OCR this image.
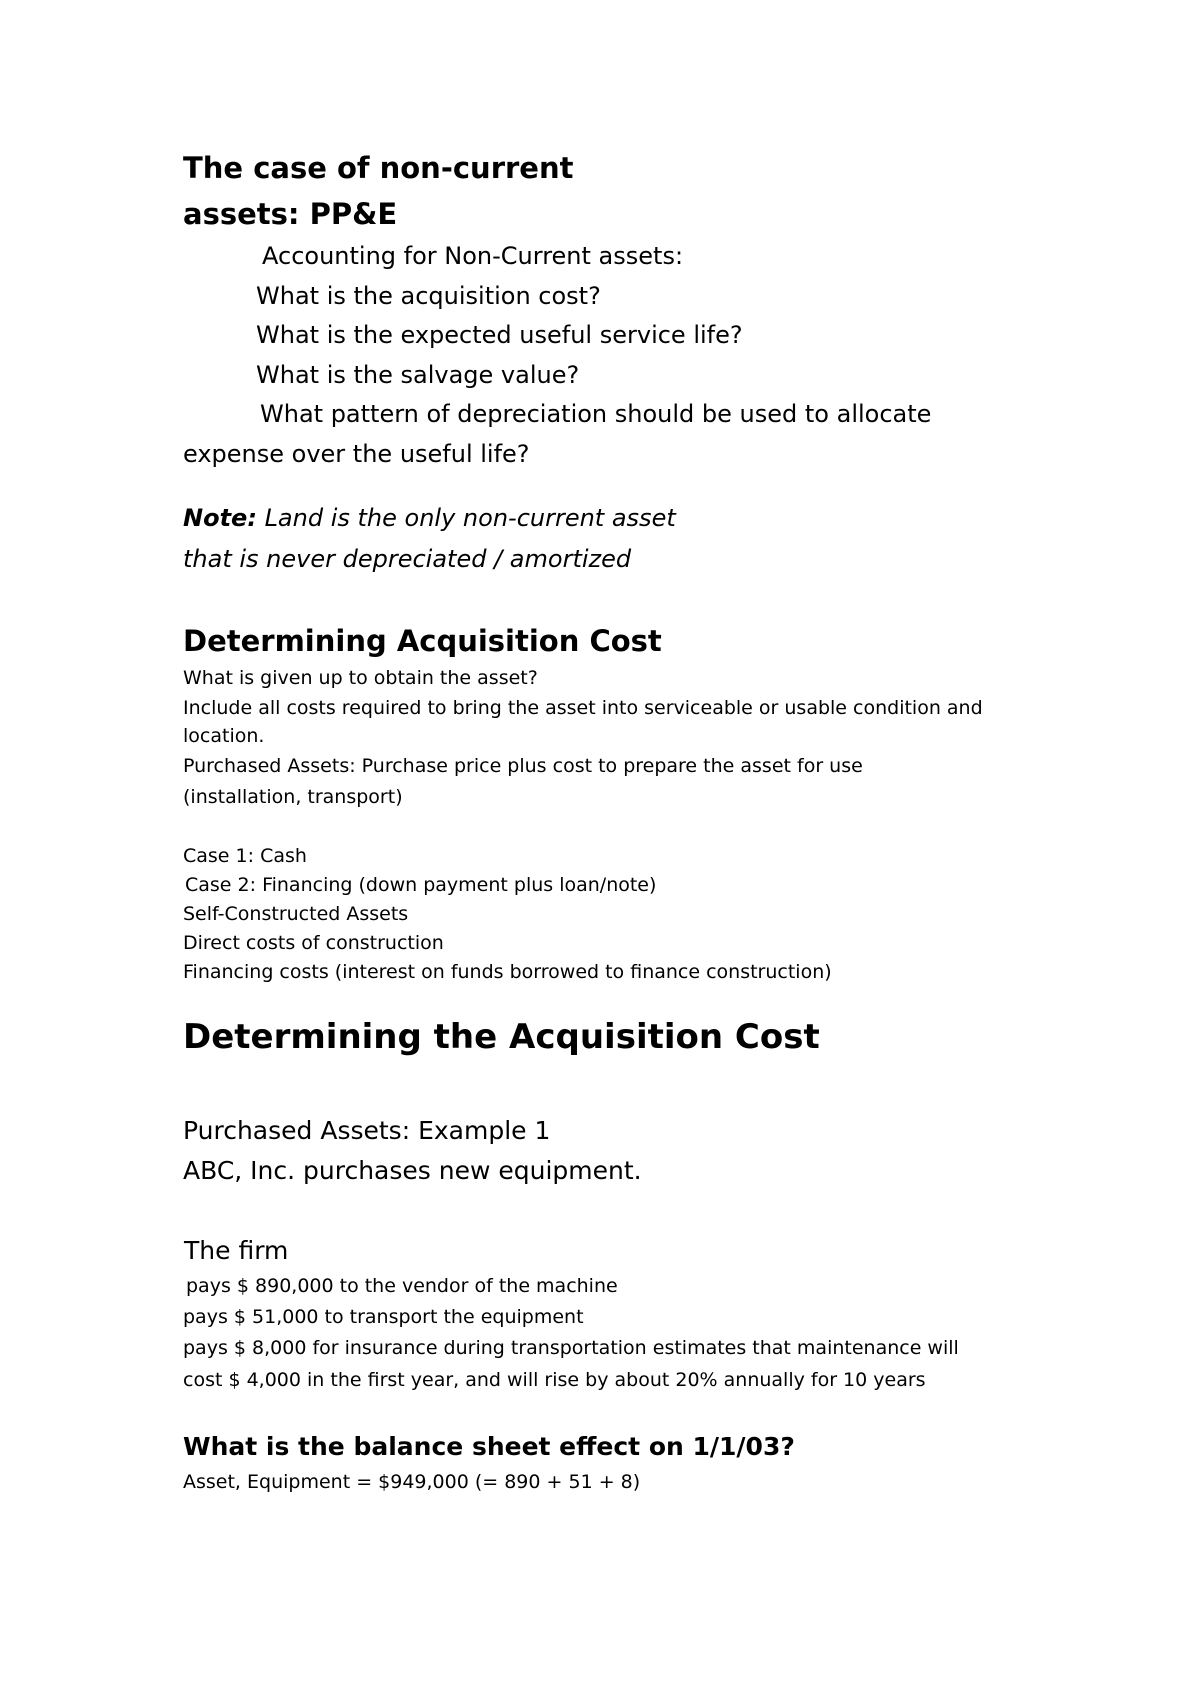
The case of non-current

assets: PP&E

Accounting for Non-Current assets:

What is the acquisition cost?

What is the expected useful service life?

What is the salvage value?

What pattern of depreciation should be used to allocate

expense over the useful life?

Note: Land is the only non-current asset

that is never depreciated / amortized

Determining Acquisition Cost

What is given up to obtain the asset?

Include all costs required to bring the asset into serviceable or usable condition and

location.

Purchased Assets: Purchase price plus cost to prepare the asset for use

(installation, transport)

Case 1: Cash

Case 2: Financing (down payment plus loan/note)

Self-Constructed Assets

Direct costs of construction

Financing costs (interest on funds borrowed to finance construction)

Determining the Acquisition Cost

Purchased Assets: Example 1

ABC, Inc. purchases new equipment.

The firm

pays $ 890,000 to the vendor of the machine

pays $ 51,000 to transport the equipment

pays $ 8,000 for insurance during transportation estimates that maintenance will

cost $ 4,000 in the first year, and will rise by about 20% annually for 10 years

What is the balance sheet effect on 1/1/03?

Asset, Equipment = $949,000 (= 890 + 51 + 8)
